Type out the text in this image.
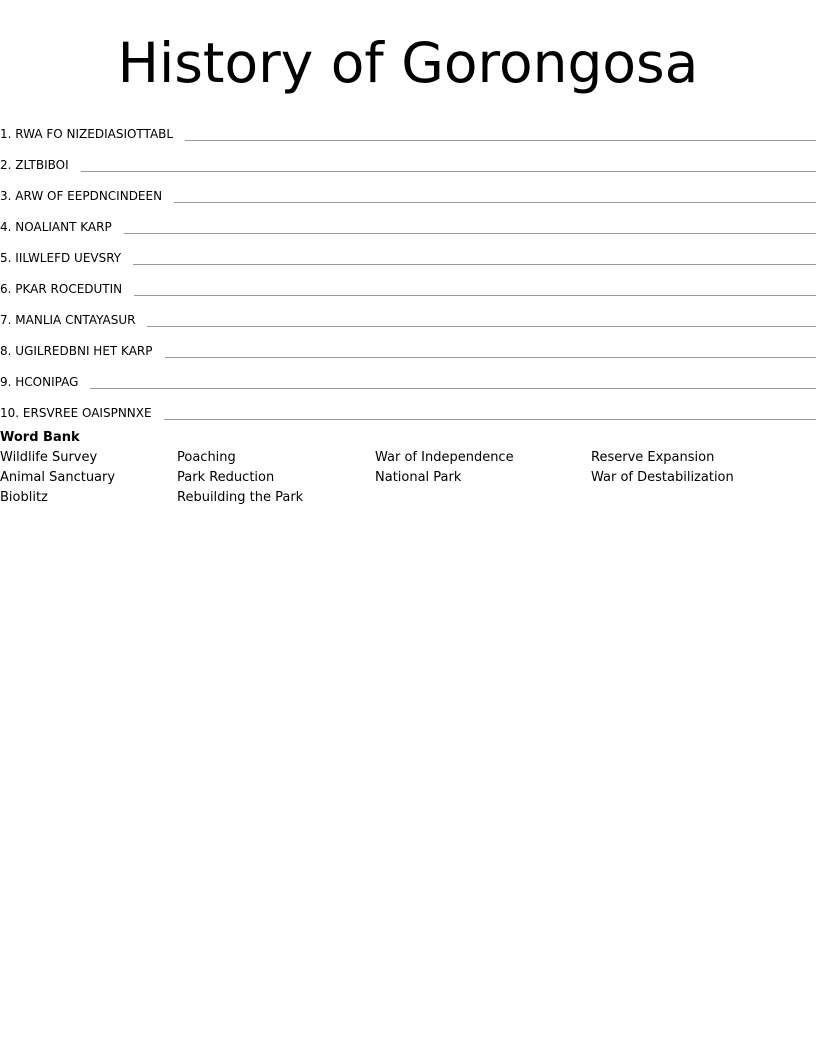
History of Gorongosa
1. RWA FO NIZEDIASIOTTABL
2. ZLTBIBOI
3. ARW OF EEPDNCINDEEN
4. NOALIANT KARP
5. IILWLEFD UEVSRY
6. PKAR ROCEDUTIN
7. MANLIA CNTAYASUR
8. UGILREDBNI HET KARP
9. HCONIPAG
10. ERSVREE OAISPNNXE
Word Bank
Wildlife Survey	Poaching	War of Independence	Reserve Expansion
Animal Sanctuary	Park Reduction	National Park	War of Destabilization
Bioblitz	Rebuilding the Park
